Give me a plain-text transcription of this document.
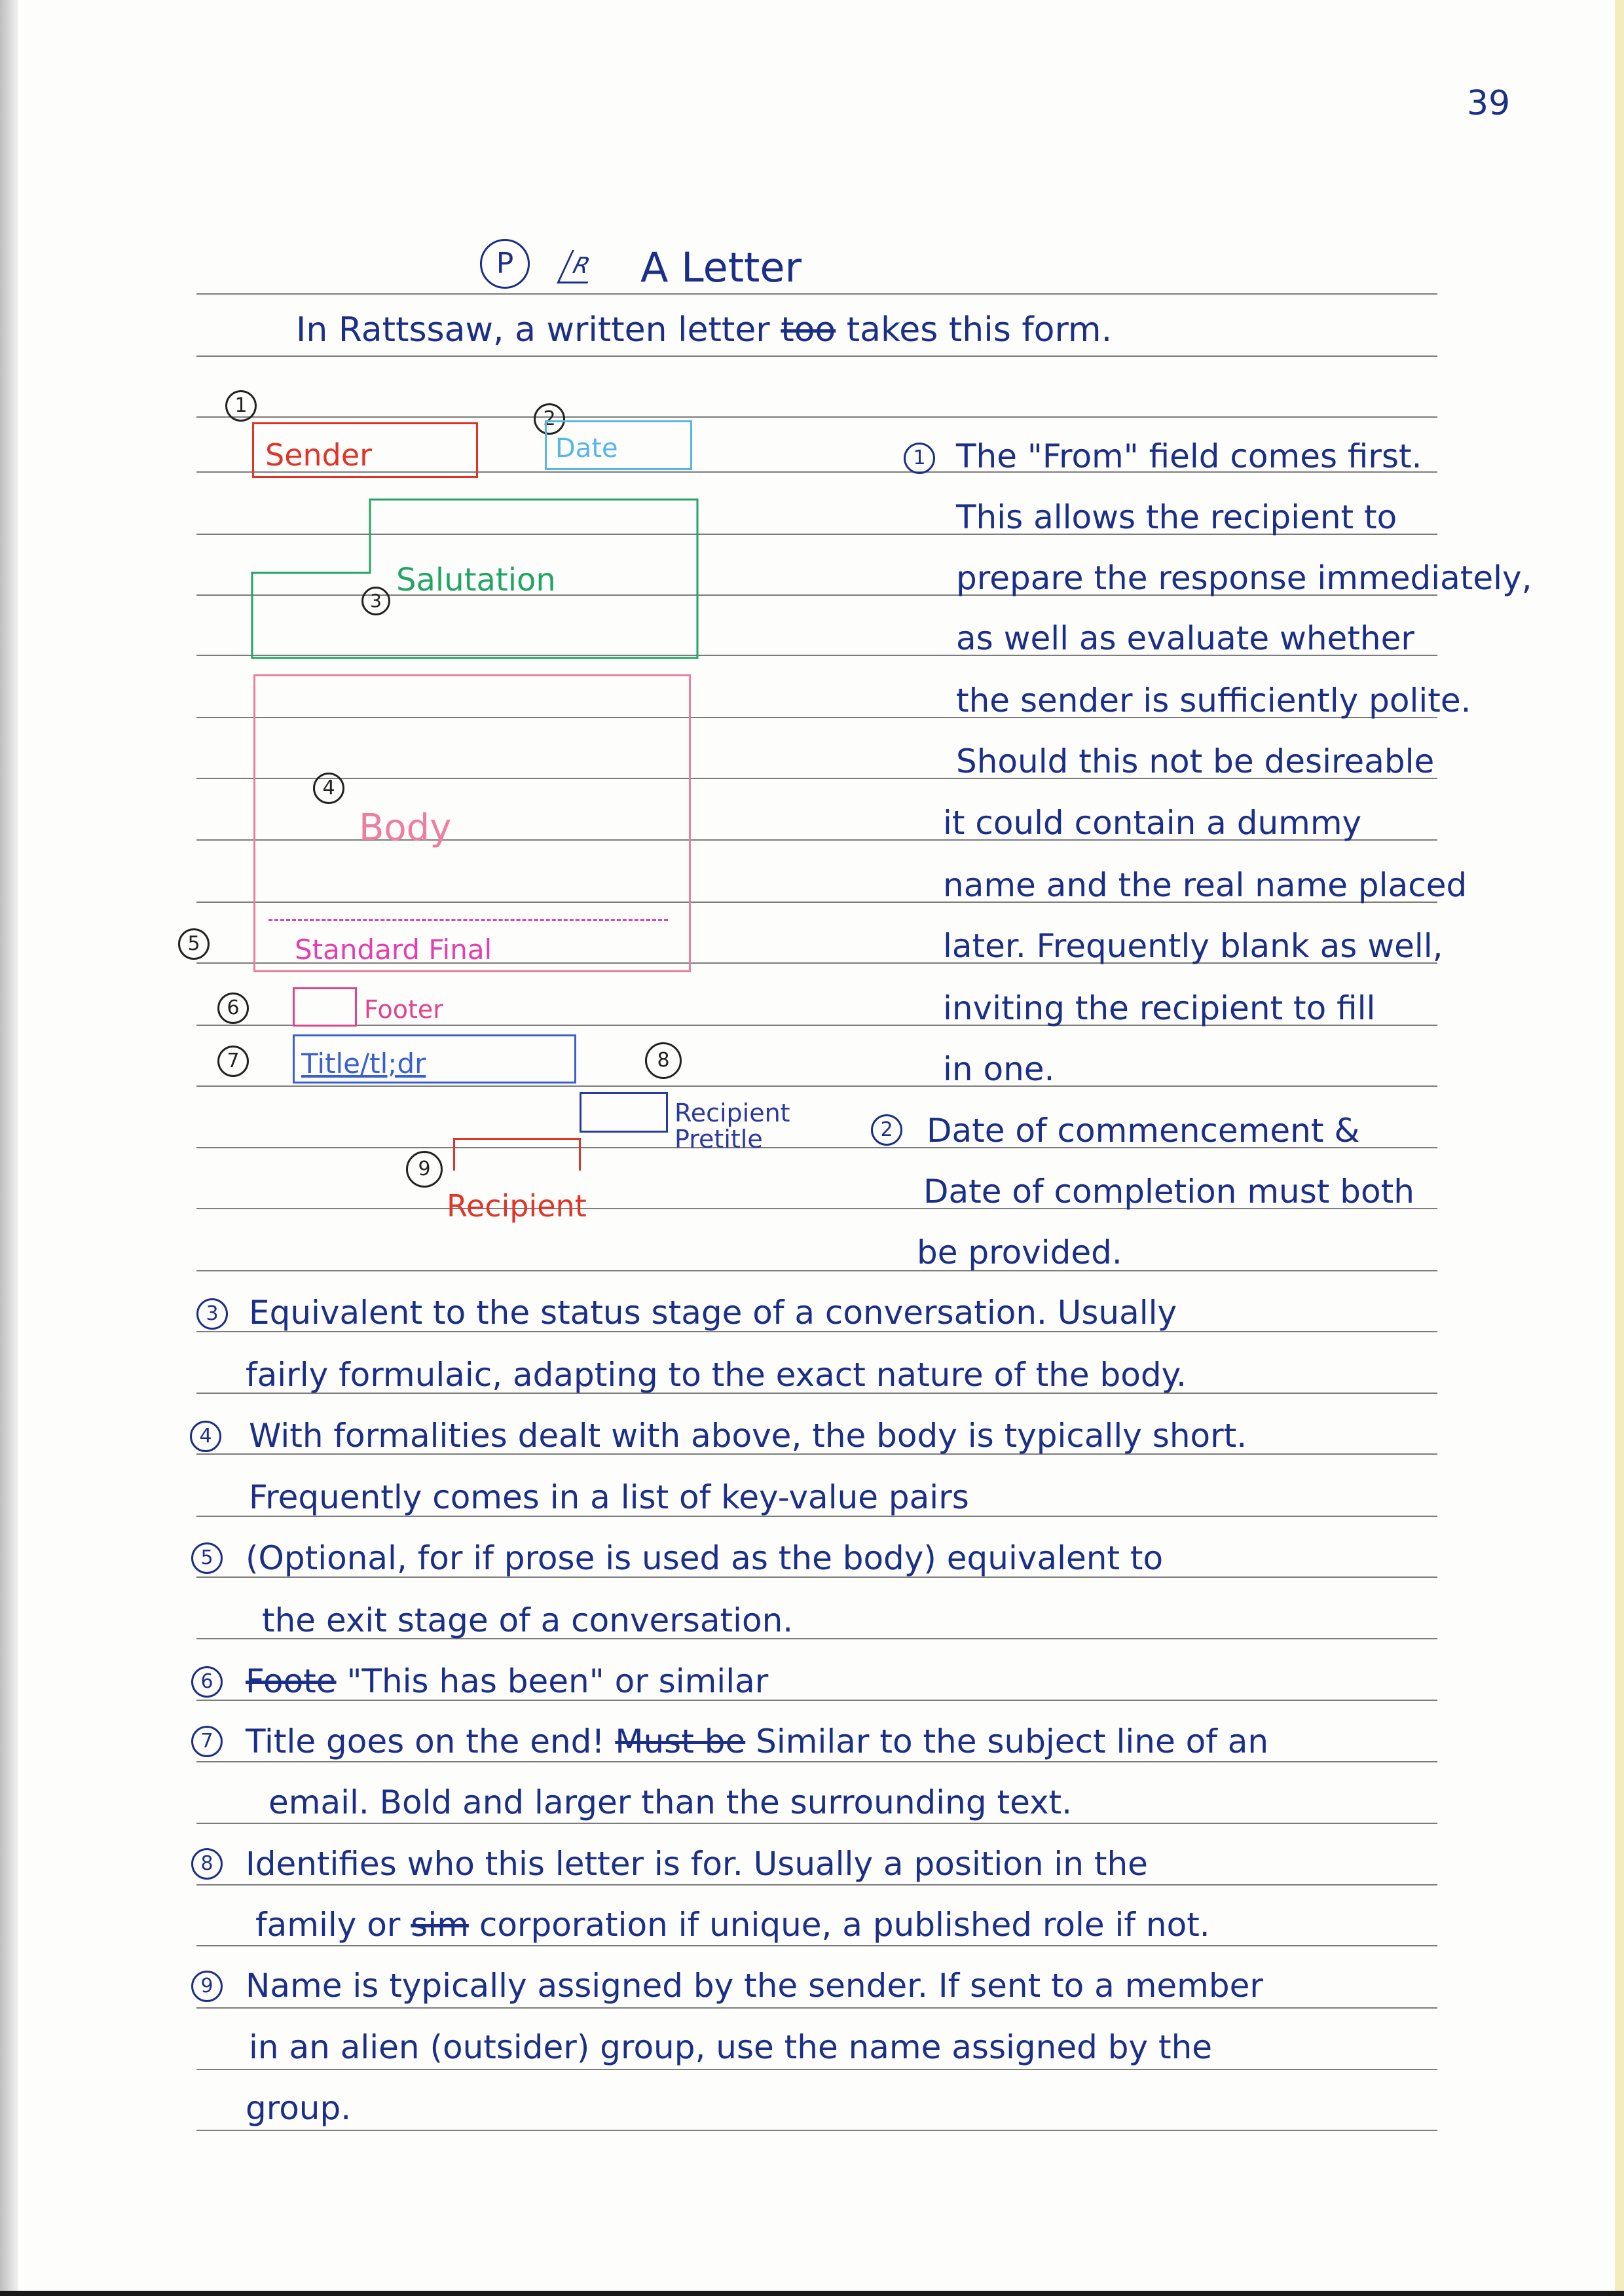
39
P	R A Letter
In Rattssaw, a written letter too takes this form.
1
Sender
2
Date
Salutation
3
4
Body
5	Standard Final
6	Footer
7	Title/tl;dr	8
Recipient
Pretitle
9
Recipient
1 The "From" field comes first.
This allows the recipient to
prepare the response immediately,
as well as evaluate whether
the sender is sufficiently polite.
Should this not be desireable
it could contain a dummy
name and the real name placed
later. Frequently blank as well,
inviting the recipient to fill
in one.
2 Date of commencement &
Date of completion must both
be provided.
3 Equivalent to the status stage of a conversation. Usually
fairly formulaic, adapting to the exact nature of the body.
4 With formalities dealt with above, the body is typically short.
Frequently comes in a list of key-value pairs
5 (Optional, for if prose is used as the body) equivalent to
the exit stage of a conversation.
6 Foote "This has been" or similar
7 Title goes on the end! Must be Similar to the subject line of an
email. Bold and larger than the surrounding text.
8 Identifies who this letter is for. Usually a position in the
family or sim corporation if unique, a published role if not.
9 Name is typically assigned by the sender. If sent to a member
in an alien (outsider) group, use the name assigned by the
group.
